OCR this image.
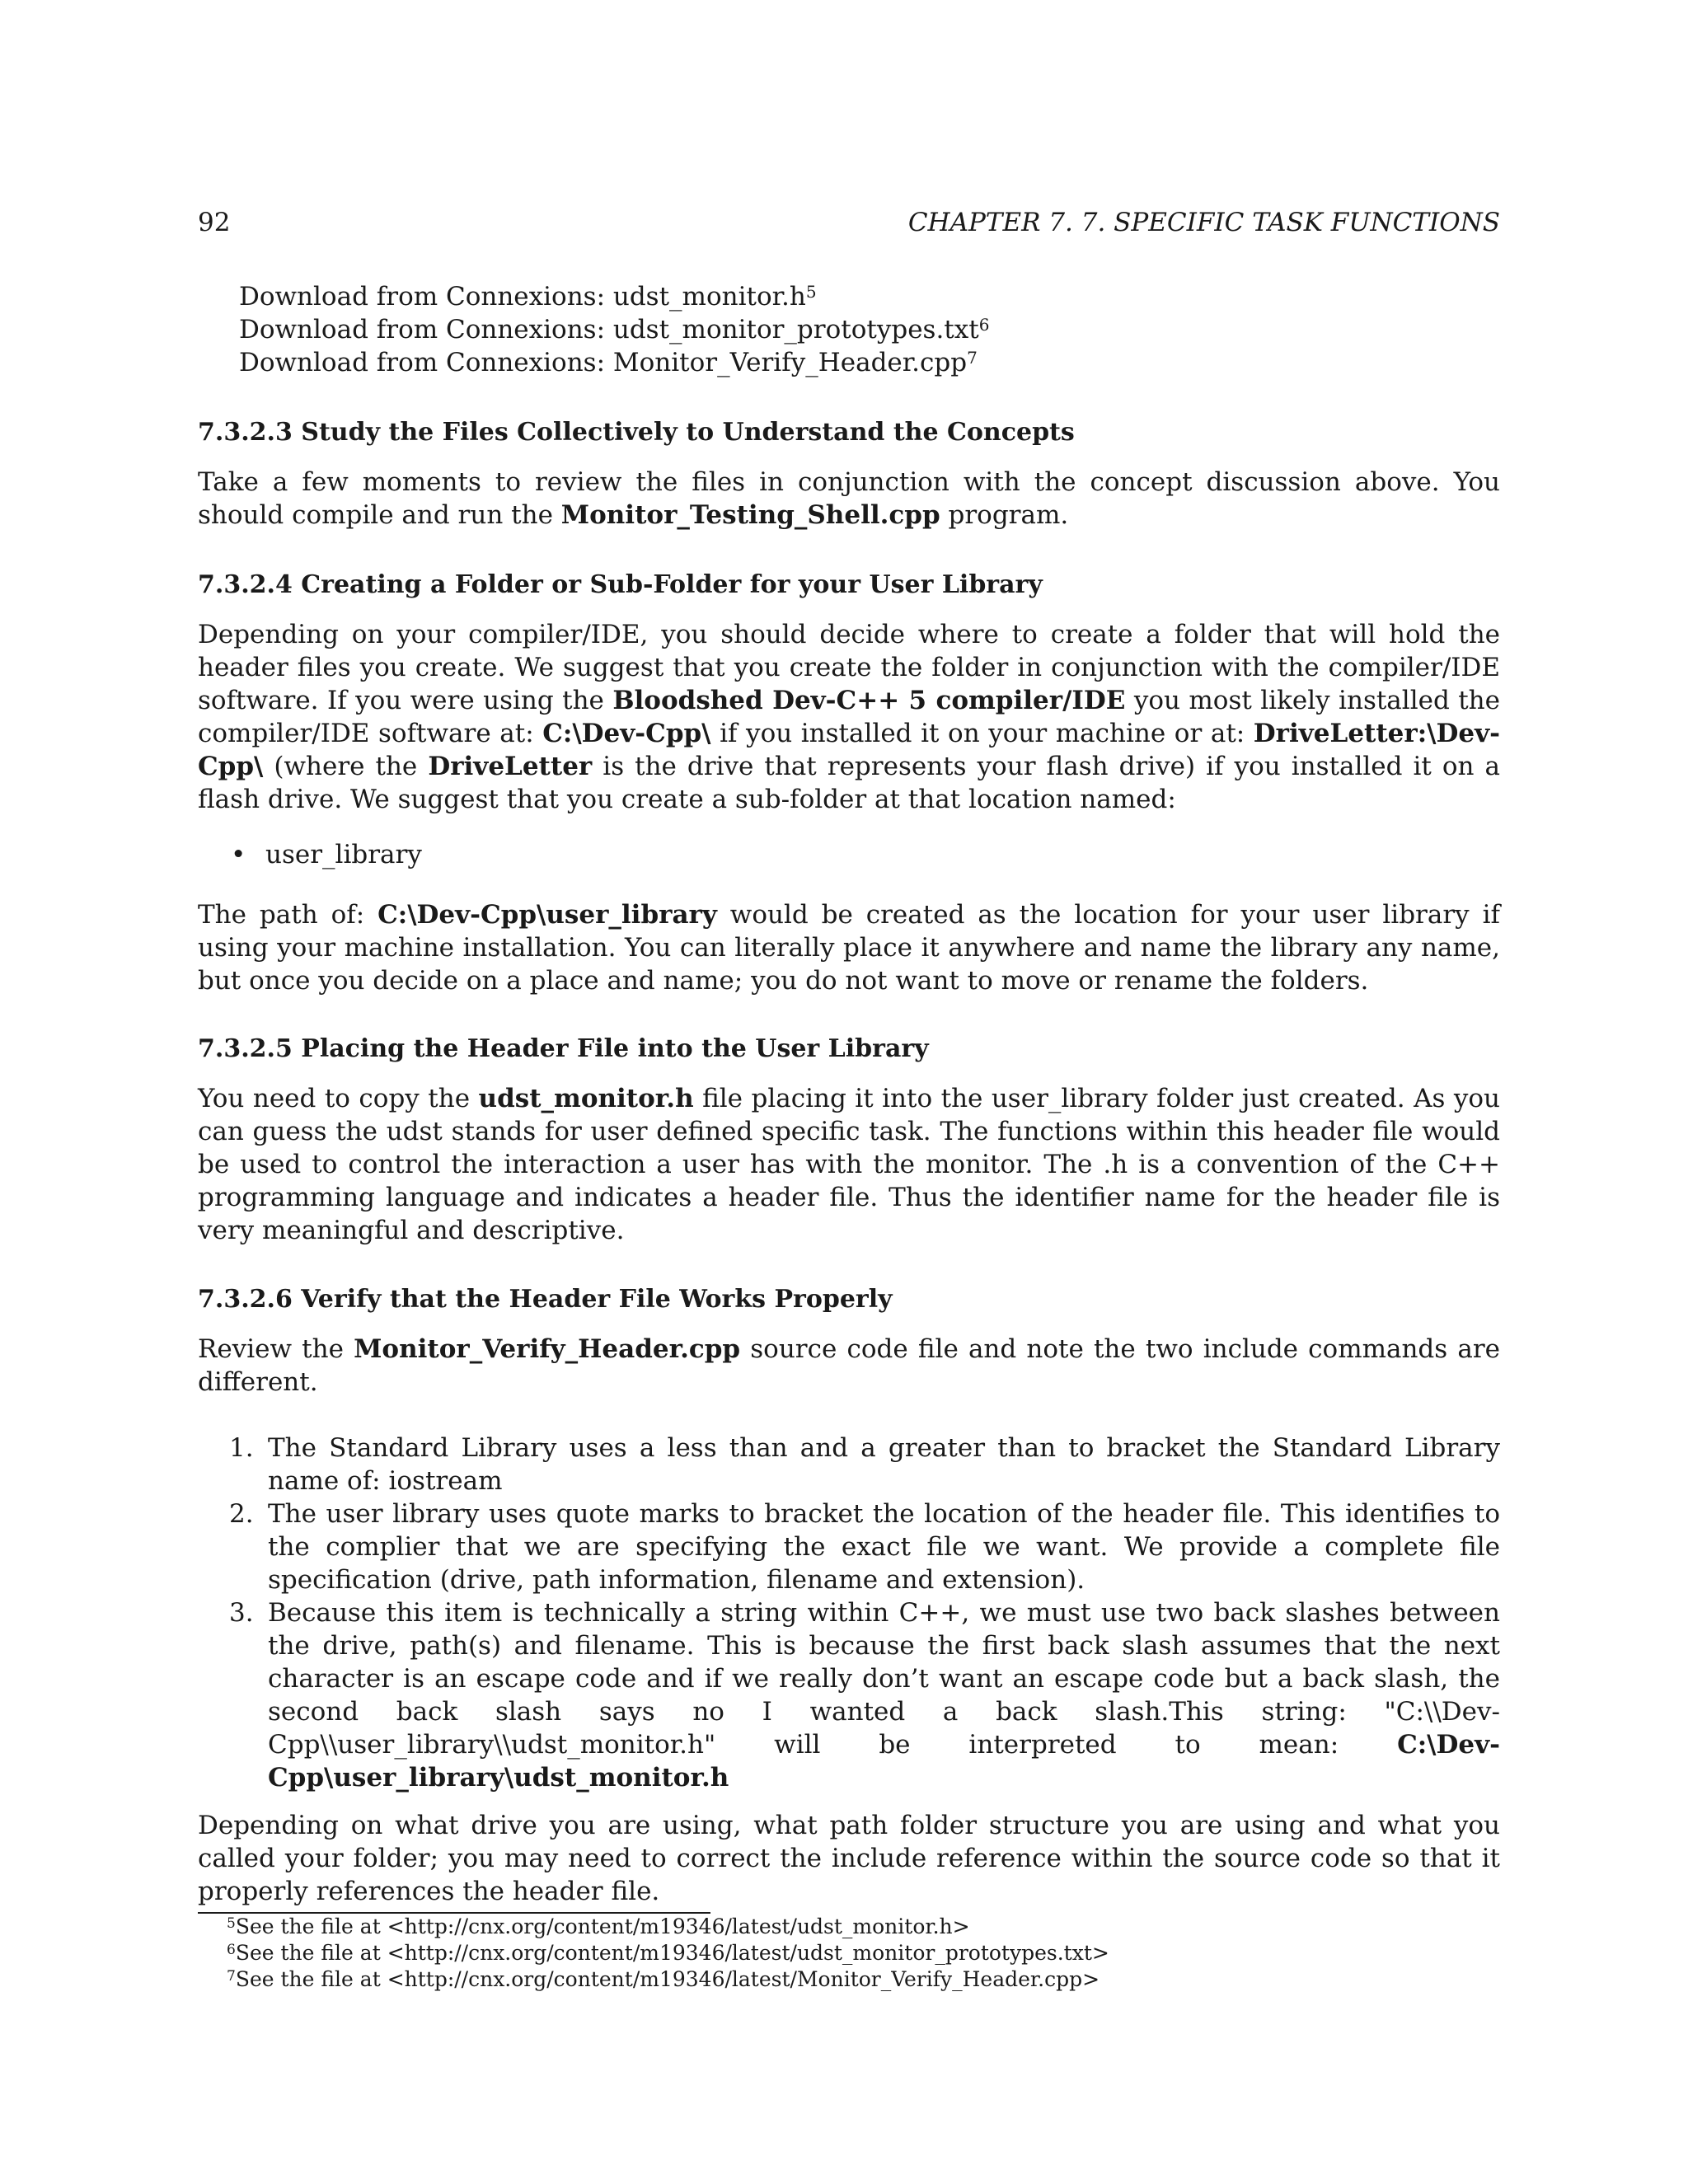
92	CHAPTER 7. 7. SPECIFIC TASK FUNCTIONS
Download from Connexions: $udst\_monitor.h^5$
Download from Connexions: udst_monitor_prototypes.txt$^6$
Download from Connexions: Monitor_Verify_Header.cpp$^7$
7.3.2.3 Study the Files Collectively to Understand the Concepts
Take a few moments to review the files in conjunction with the concept discussion above. You should compile and run the Monitor_Testing_Shell.cpp program.
7.3.2.4 Creating a Folder or Sub-Folder for your User Library
Depending on your compiler/IDE, you should decide where to create a folder that will hold the header files you create. We suggest that you create the folder in conjunction with the compiler/IDE software. If you were using the Bloodshed Dev-C++ 5 compiler/IDE you most likely installed the compiler/IDE software at: C:\Dev-Cpp\ if you installed it on your machine or at: DriveLetter:\Dev-Cpp\ (where the DriveLetter is the drive that represents your flash drive) if you installed it on a flash drive. We suggest that you create a sub-folder at that location named:
• user_library
The path of: C:\Dev-Cpp\user_library would be created as the location for your user library if using your machine installation. You can literally place it anywhere and name the library any name, but once you decide on a place and name; you do not want to move or rename the folders.
7.3.2.5 Placing the Header File into the User Library
You need to copy the udst_monitor.h file placing it into the user_library folder just created. As you can guess the udst stands for user defined specific task. The functions within this header file would be used to control the interaction a user has with the monitor. The .h is a convention of the C++ programming language and indicates a header file. Thus the identifier name for the header file is very meaningful and descriptive.
7.3.2.6 Verify that the Header File Works Properly
Review the Monitor_Verify_Header.cpp source code file and note the two include commands are different.
1. The Standard Library uses a less than and a greater than to bracket the Standard Library name of: iostream
2. The user library uses quote marks to bracket the location of the header file. This identifies to the complier that we are specifying the exact file we want. We provide a complete file specification (drive, path information, filename and extension).
3. Because this item is technically a string within C++, we must use two back slashes between the drive, path(s) and filename. This is because the first back slash assumes that the next character is an escape code and if we really don’t want an escape code but a back slash, the second back slash says no I wanted a back slash.This string: "C:\\Dev-Cpp\\user_library\\udst_monitor.h" will be interpreted to mean: C:\Dev-Cpp\user_library\udst_monitor.h
Depending on what drive you are using, what path folder structure you are using and what you called your folder; you may need to correct the include reference within the source code so that it properly references the header file.
$^5$See the file at <http://cnx.org/content/m19346/latest/udst_monitor.h>
$^6$See the file at <http://cnx.org/content/m19346/latest/udst_monitor_prototypes.txt>
$^7$See the file at <http://cnx.org/content/m19346/latest/Monitor_Verify_Header.cpp>
